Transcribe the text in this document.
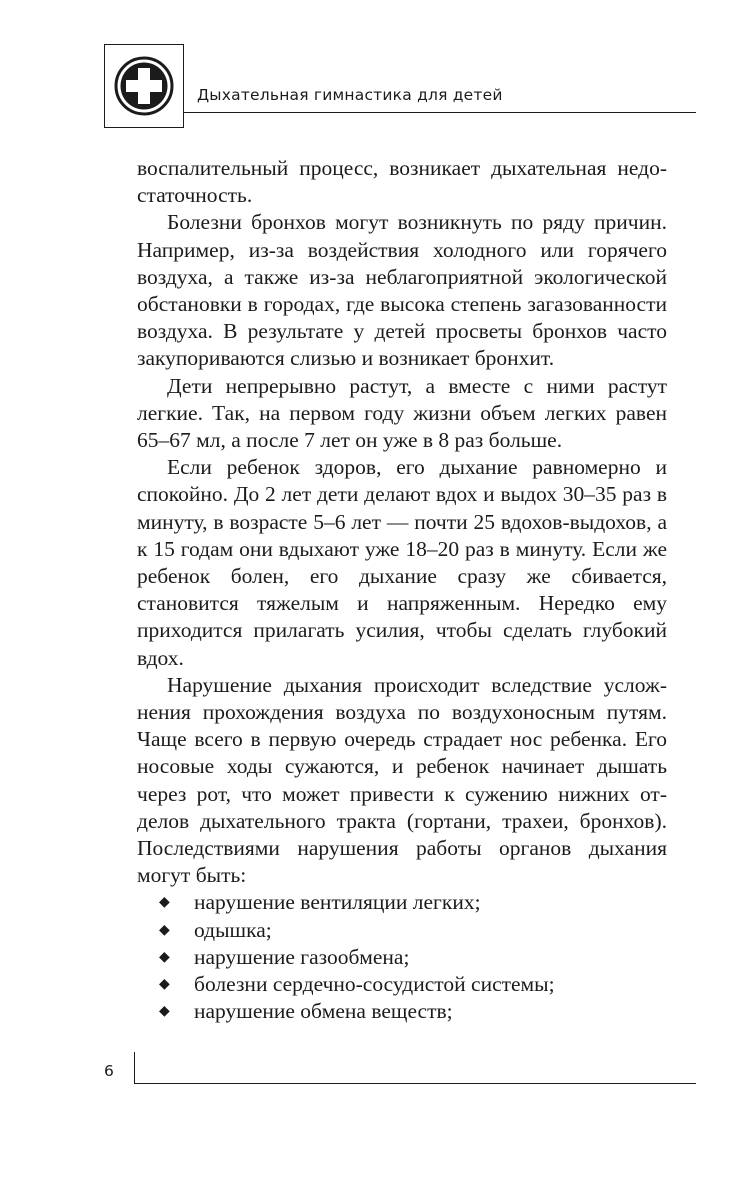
Дыхательная гимнастика для детей

воспалительный процесс, возникает дыхательная недостаточность.

Болезни бронхов могут возникнуть по ряду причин. Например, из-за воздействия холодного или горячего воздуха, а также из-за неблагоприятной экологической обстановки в городах, где высока степень загазованности воздуха. В результате у детей просветы бронхов часто закупориваются слизью и возникает бронхит.

Дети непрерывно растут, а вместе с ними растут легкие. Так, на первом году жизни объем легких равен 65–67 мл, а после 7 лет он уже в 8 раз больше.

Если ребенок здоров, его дыхание равномерно и спокойно. До 2 лет дети делают вдох и выдох 30–35 раз в минуту, в возрасте 5–6 лет — почти 25 вдохов-выдохов, а к 15 годам они вдыхают уже 18–20 раз в минуту. Если же ребенок болен, его дыхание сразу же сбивается, становится тяжелым и напряженным. Нередко ему приходится прилагать усилия, чтобы сделать глубокий вдох.

Нарушение дыхания происходит вследствие усложнения прохождения воздуха по воздухоносным путям. Чаще всего в первую очередь страдает нос ребенка. Его носовые ходы сужаются, и ребенок начинает дышать через рот, что может привести к сужению нижних отделов дыхательного тракта (гортани, трахеи, бронхов). Последствиями нарушения работы органов дыхания могут быть:

◆ нарушение вентиляции легких;
◆ одышка;
◆ нарушение газообмена;
◆ болезни сердечно-сосудистой системы;
◆ нарушение обмена веществ;
6
